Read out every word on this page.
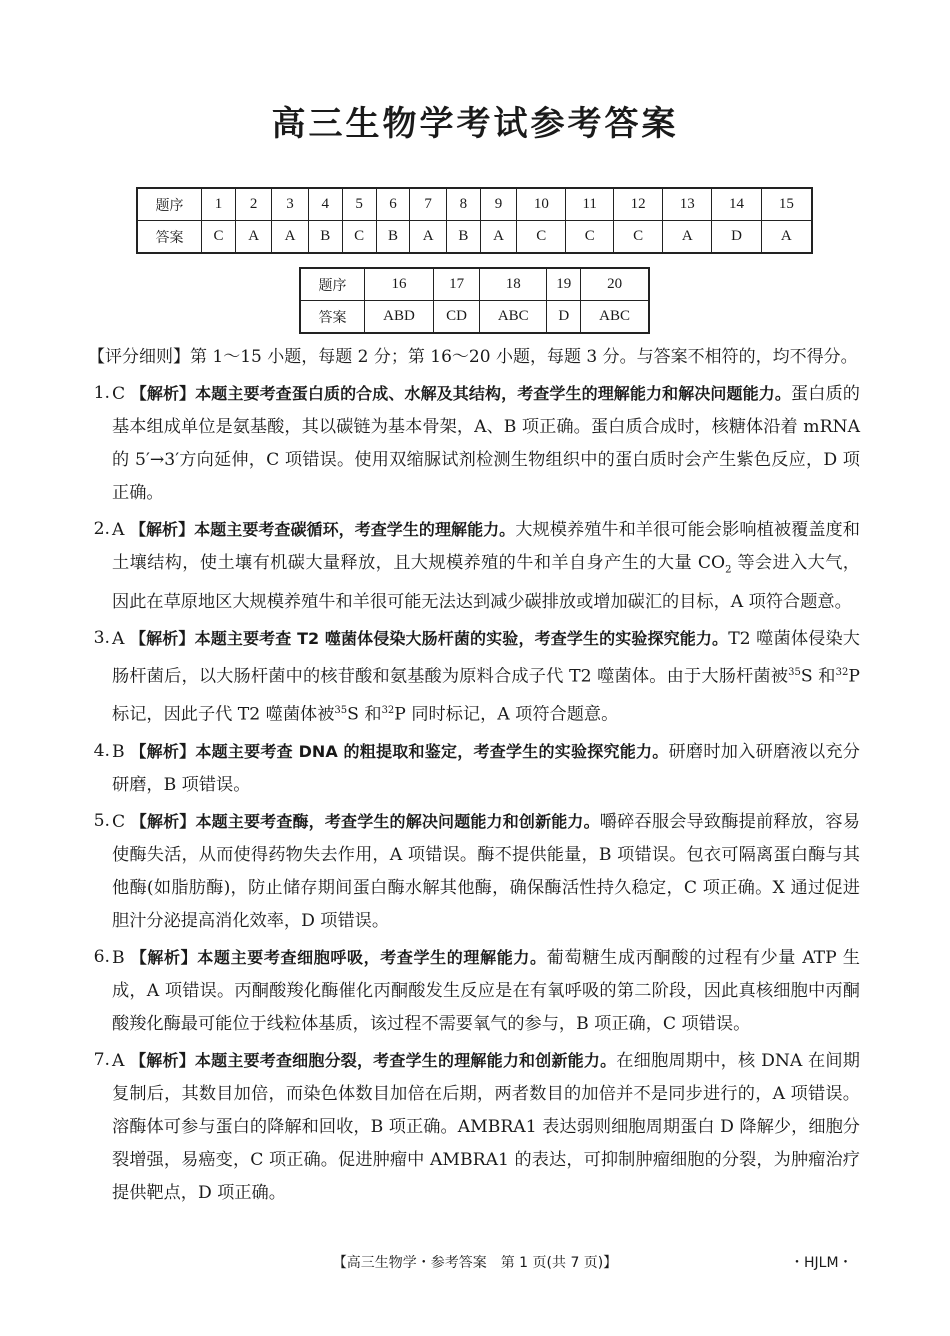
高三生物学考试参考答案
题序	1	2	3	4	5	6	7	8	9	10	11	12	13	14	15
答案	C	A	A	B	C	B	A	B	A	C	C	C	A	D	A
题序	16	17	18	19	20
答案	ABD	CD	ABC	D	ABC
【评分细则】第 1～15 小题，每题 2 分；第 16～20 小题，每题 3 分。与答案不相符的，均不得分。
1. C 【解析】本题主要考查蛋白质的合成、水解及其结构，考查学生的理解能力和解决问题能力。蛋白质的基本组成单位是氨基酸，其以碳链为基本骨架，A、B 项正确。蛋白质合成时，核糖体沿着 mRNA 的 5′→3′方向延伸，C 项错误。使用双缩脲试剂检测生物组织中的蛋白质时会产生紫色反应，D 项正确。
2. A 【解析】本题主要考查碳循环，考查学生的理解能力。大规模养殖牛和羊很可能会影响植被覆盖度和土壤结构，使土壤有机碳大量释放，且大规模养殖的牛和羊自身产生的大量 $CO_2$ 等会进入大气，因此在草原地区大规模养殖牛和羊很可能无法达到减少碳排放或增加碳汇的目标，A 项符合题意。
3. A 【解析】本题主要考查 T2 噬菌体侵染大肠杆菌的实验，考查学生的实验探究能力。T2 噬菌体侵染大肠杆菌后，以大肠杆菌中的核苷酸和氨基酸为原料合成子代 T2 噬菌体。由于大肠杆菌被$^{35}$S 和$^{32}$P 标记，因此子代 T2 噬菌体被$^{35}$S 和$^{32}$P 同时标记，A 项符合题意。
4. B 【解析】本题主要考查 DNA 的粗提取和鉴定，考查学生的实验探究能力。研磨时加入研磨液以充分研磨，B 项错误。
5. C 【解析】本题主要考查酶，考查学生的解决问题能力和创新能力。嚼碎吞服会导致酶提前释放，容易使酶失活，从而使得药物失去作用，A 项错误。酶不提供能量，B 项错误。包衣可隔离蛋白酶与其他酶(如脂肪酶)，防止储存期间蛋白酶水解其他酶，确保酶活性持久稳定，C 项正确。X 通过促进胆汁分泌提高消化效率，D 项错误。
6. B 【解析】本题主要考查细胞呼吸，考查学生的理解能力。葡萄糖生成丙酮酸的过程有少量 ATP 生成，A 项错误。丙酮酸羧化酶催化丙酮酸发生反应是在有氧呼吸的第二阶段，因此真核细胞中丙酮酸羧化酶最可能位于线粒体基质，该过程不需要氧气的参与，B 项正确，C 项错误。
7. A 【解析】本题主要考查细胞分裂，考查学生的理解能力和创新能力。在细胞周期中，核 DNA 在间期复制后，其数目加倍，而染色体数目加倍在后期，两者数目的加倍并不是同步进行的，A 项错误。溶酶体可参与蛋白的降解和回收，B 项正确。AMBRA1 表达弱则细胞周期蛋白 D 降解少，细胞分裂增强，易癌变，C 项正确。促进肿瘤中 AMBRA1 的表达，可抑制肿瘤细胞的分裂，为肿瘤治疗提供靶点，D 项正确。
【高三生物学・参考答案　第 1 页(共 7 页)】	・HJLM・
